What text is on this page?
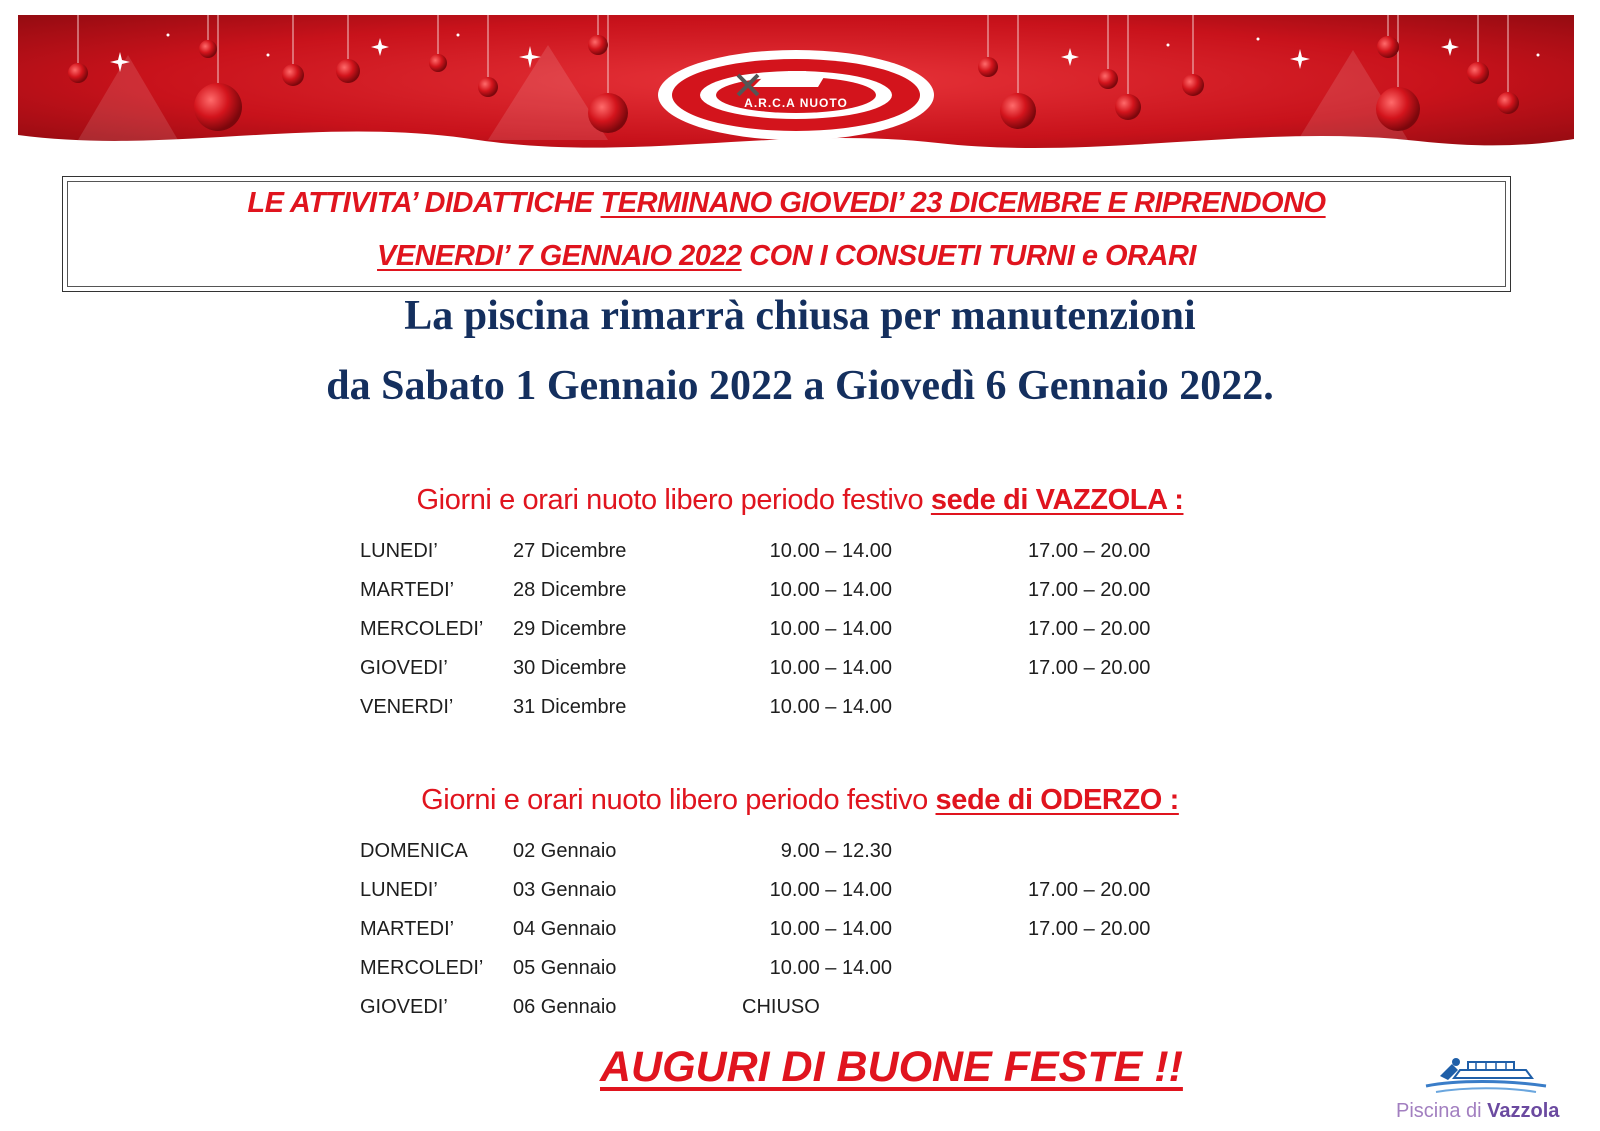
A.R.C.A NUOTO
LE ATTIVITA’ DIDATTICHE TERMINANO GIOVEDI’ 23 DICEMBRE E RIPRENDONO
VENERDI’ 7 GENNAIO 2022 CON I CONSUETI TURNI e ORARI
La piscina rimarrà chiusa per manutenzioni
da Sabato 1 Gennaio 2022 a Giovedì 6 Gennaio 2022.
Giorni e orari nuoto libero periodo festivo sede di VAZZOLA :
LUNEDI’	27 Dicembre	10.00 – 14.00	17.00 – 20.00
MARTEDI’	28 Dicembre	10.00 – 14.00	17.00 – 20.00
MERCOLEDI’ 29 Dicembre	10.00 – 14.00	17.00 – 20.00
GIOVEDI’	30 Dicembre	10.00 – 14.00	17.00 – 20.00
VENERDI’	31 Dicembre	10.00 – 14.00
Giorni e orari nuoto libero periodo festivo sede di ODERZO :
DOMENICA 02 Gennaio	9.00 – 12.30
LUNEDI’	03 Gennaio	10.00 – 14.00	17.00 – 20.00
MARTEDI’	04 Gennaio	10.00 – 14.00	17.00 – 20.00
MERCOLEDI’ 05 Gennaio	10.00 – 14.00
GIOVEDI’	06 Gennaio	CHIUSO
AUGURI DI BUONE FESTE !!
Piscina di Vazzola
